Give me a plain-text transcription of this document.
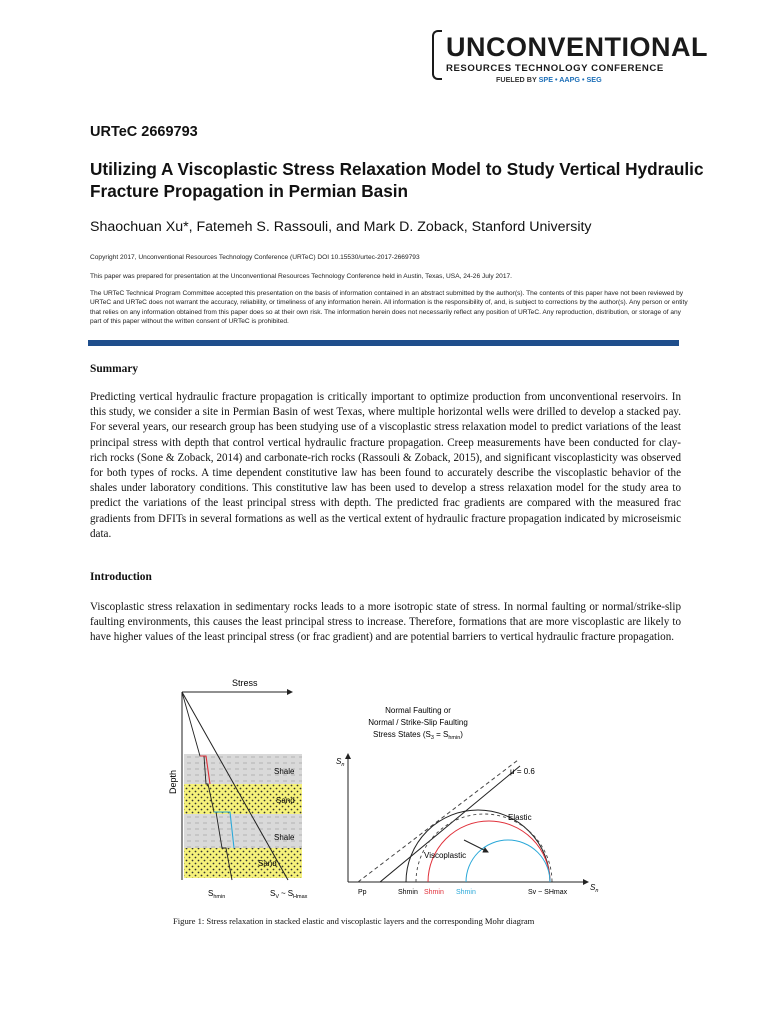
UNCONVENTIONAL
RESOURCES TECHNOLOGY CONFERENCE
FUELED BY SPE • AAPG • SEG
URTeC 2669793
Utilizing A Viscoplastic Stress Relaxation Model to Study Vertical Hydraulic Fracture Propagation in Permian Basin
Shaochuan Xu*, Fatemeh S. Rassouli, and Mark D. Zoback, Stanford University
Copyright 2017, Unconventional Resources Technology Conference (URTeC) DOI 10.15530/urtec-2017-2669793
This paper was prepared for presentation at the Unconventional Resources Technology Conference held in Austin, Texas, USA, 24-26 July 2017.
The URTeC Technical Program Committee accepted this presentation on the basis of information contained in an abstract submitted by the author(s). The contents of this paper have not been reviewed by URTeC and URTeC does not warrant the accuracy, reliability, or timeliness of any information herein. All information is the responsibility of, and, is subject to corrections by the author(s). Any person or entity that relies on any information obtained from this paper does so at their own risk. The information herein does not necessarily reflect any position of URTeC. Any reproduction, distribution, or storage of any part of this paper without the written consent of URTeC is prohibited.
Summary
Predicting vertical hydraulic fracture propagation is critically important to optimize production from unconventional reservoirs. In this study, we consider a site in Permian Basin of west Texas, where multiple horizontal wells were drilled to develop a stacked pay. For several years, our research group has been studying use of a viscoplastic stress relaxation model to predict variations of the least principal stress with depth that control vertical hydraulic fracture propagation. Creep measurements have been conducted for clay-rich rocks (Sone & Zoback, 2014) and carbonate-rich rocks (Rassouli & Zoback, 2015), and significant viscoplasticity was observed for both types of rocks. A time dependent constitutive law has been found to accurately describe the viscoplastic behavior of the shales under laboratory conditions. This constitutive law has been used to develop a stress relaxation model for the study area to predict the variations of the least principal stress with depth. The predicted frac gradients are compared with the measured frac gradients from DFITs in several formations as well as the vertical extent of hydraulic fracture propagation indicated by microseismic data.
Introduction
Viscoplastic stress relaxation in sedimentary rocks leads to a more isotropic state of stress. In normal faulting or normal/strike-slip faulting environments, this causes the least principal stress to increase. Therefore, formations that are more viscoplastic are likely to have higher values of the least principal stress (or frac gradient) and are potential barriers to vertical hydraulic fracture propagation.
Stress
Depth	Shale
Sand
Shale
Sand
$S_{hmin}$	$S_V$ ~ $S_{Hmax}$
Normal Faulting or
Normal / Strike-Slip Faulting
Stress States $(S_3 = S_{hmin})$
$S_n$
$S_n$
μ = 0.6
Elastic
Viscoplastic
Pp	Shmin Shmin Shmin	Sv ~ SHmax
Figure 1: Stress relaxation in stacked elastic and viscoplastic layers and the corresponding Mohr diagram
